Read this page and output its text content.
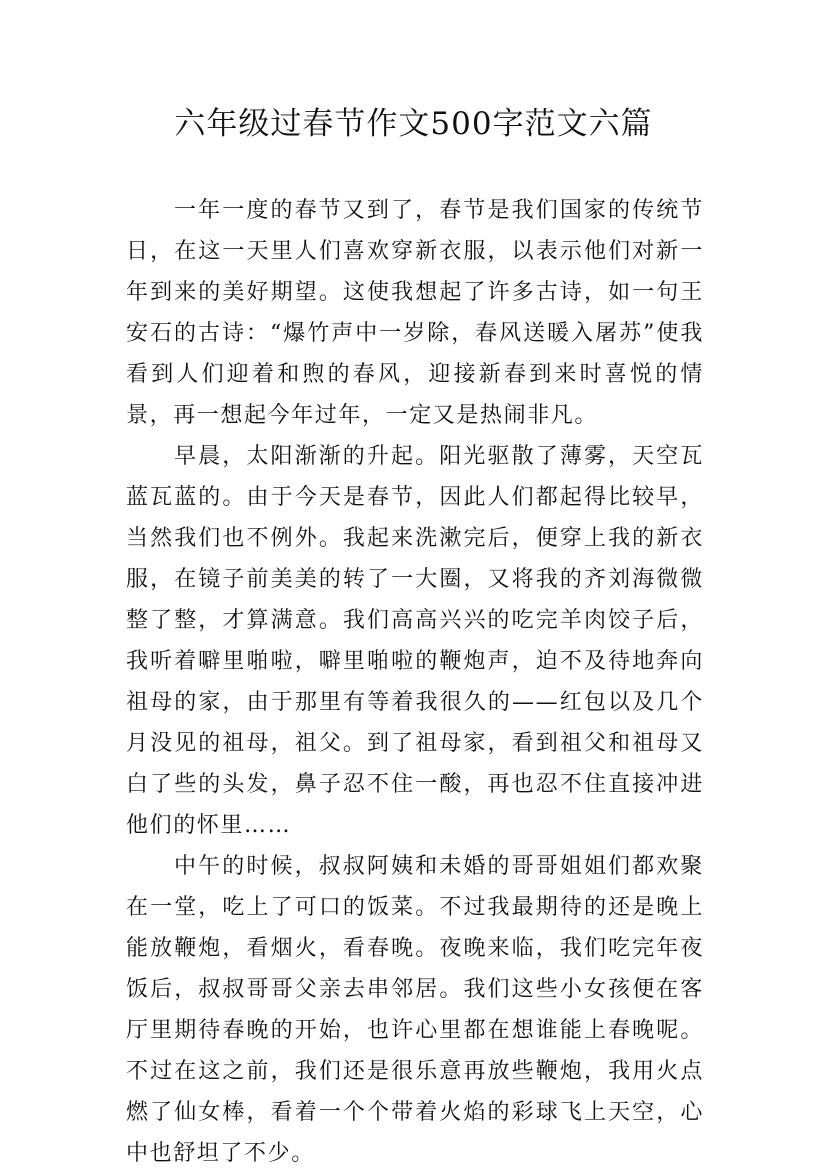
六年级过春节作文500字范文六篇

一年一度的春节又到了，春节是我们国家的传统节日，在这一天里人们喜欢穿新衣服，以表示他们对新一年到来的美好期望。这使我想起了许多古诗，如一句王安石的古诗：“爆竹声中一岁除，春风送暖入屠苏”使我看到人们迎着和煦的春风，迎接新春到来时喜悦的情景，再一想起今年过年，一定又是热闹非凡。

早晨，太阳渐渐的升起。阳光驱散了薄雾，天空瓦蓝瓦蓝的。由于今天是春节，因此人们都起得比较早，当然我们也不例外。我起来洗漱完后，便穿上我的新衣服，在镜子前美美的转了一大圈，又将我的齐刘海微微整了整，才算满意。我们高高兴兴的吃完羊肉饺子后，我听着噼里啪啦，噼里啪啦的鞭炮声，迫不及待地奔向祖母的家，由于那里有等着我很久的——红包以及几个月没见的祖母，祖父。到了祖母家，看到祖父和祖母又白了些的头发，鼻子忍不住一酸，再也忍不住直接冲进他们的怀里……

中午的时候，叔叔阿姨和未婚的哥哥姐姐们都欢聚在一堂，吃上了可口的饭菜。不过我最期待的还是晚上能放鞭炮，看烟火，看春晚。夜晚来临，我们吃完年夜饭后，叔叔哥哥父亲去串邻居。我们这些小女孩便在客厅里期待春晚的开始，也许心里都在想谁能上春晚呢。不过在这之前，我们还是很乐意再放些鞭炮，我用火点燃了仙女棒，看着一个个带着火焰的彩球飞上天空，心中也舒坦了不少。
